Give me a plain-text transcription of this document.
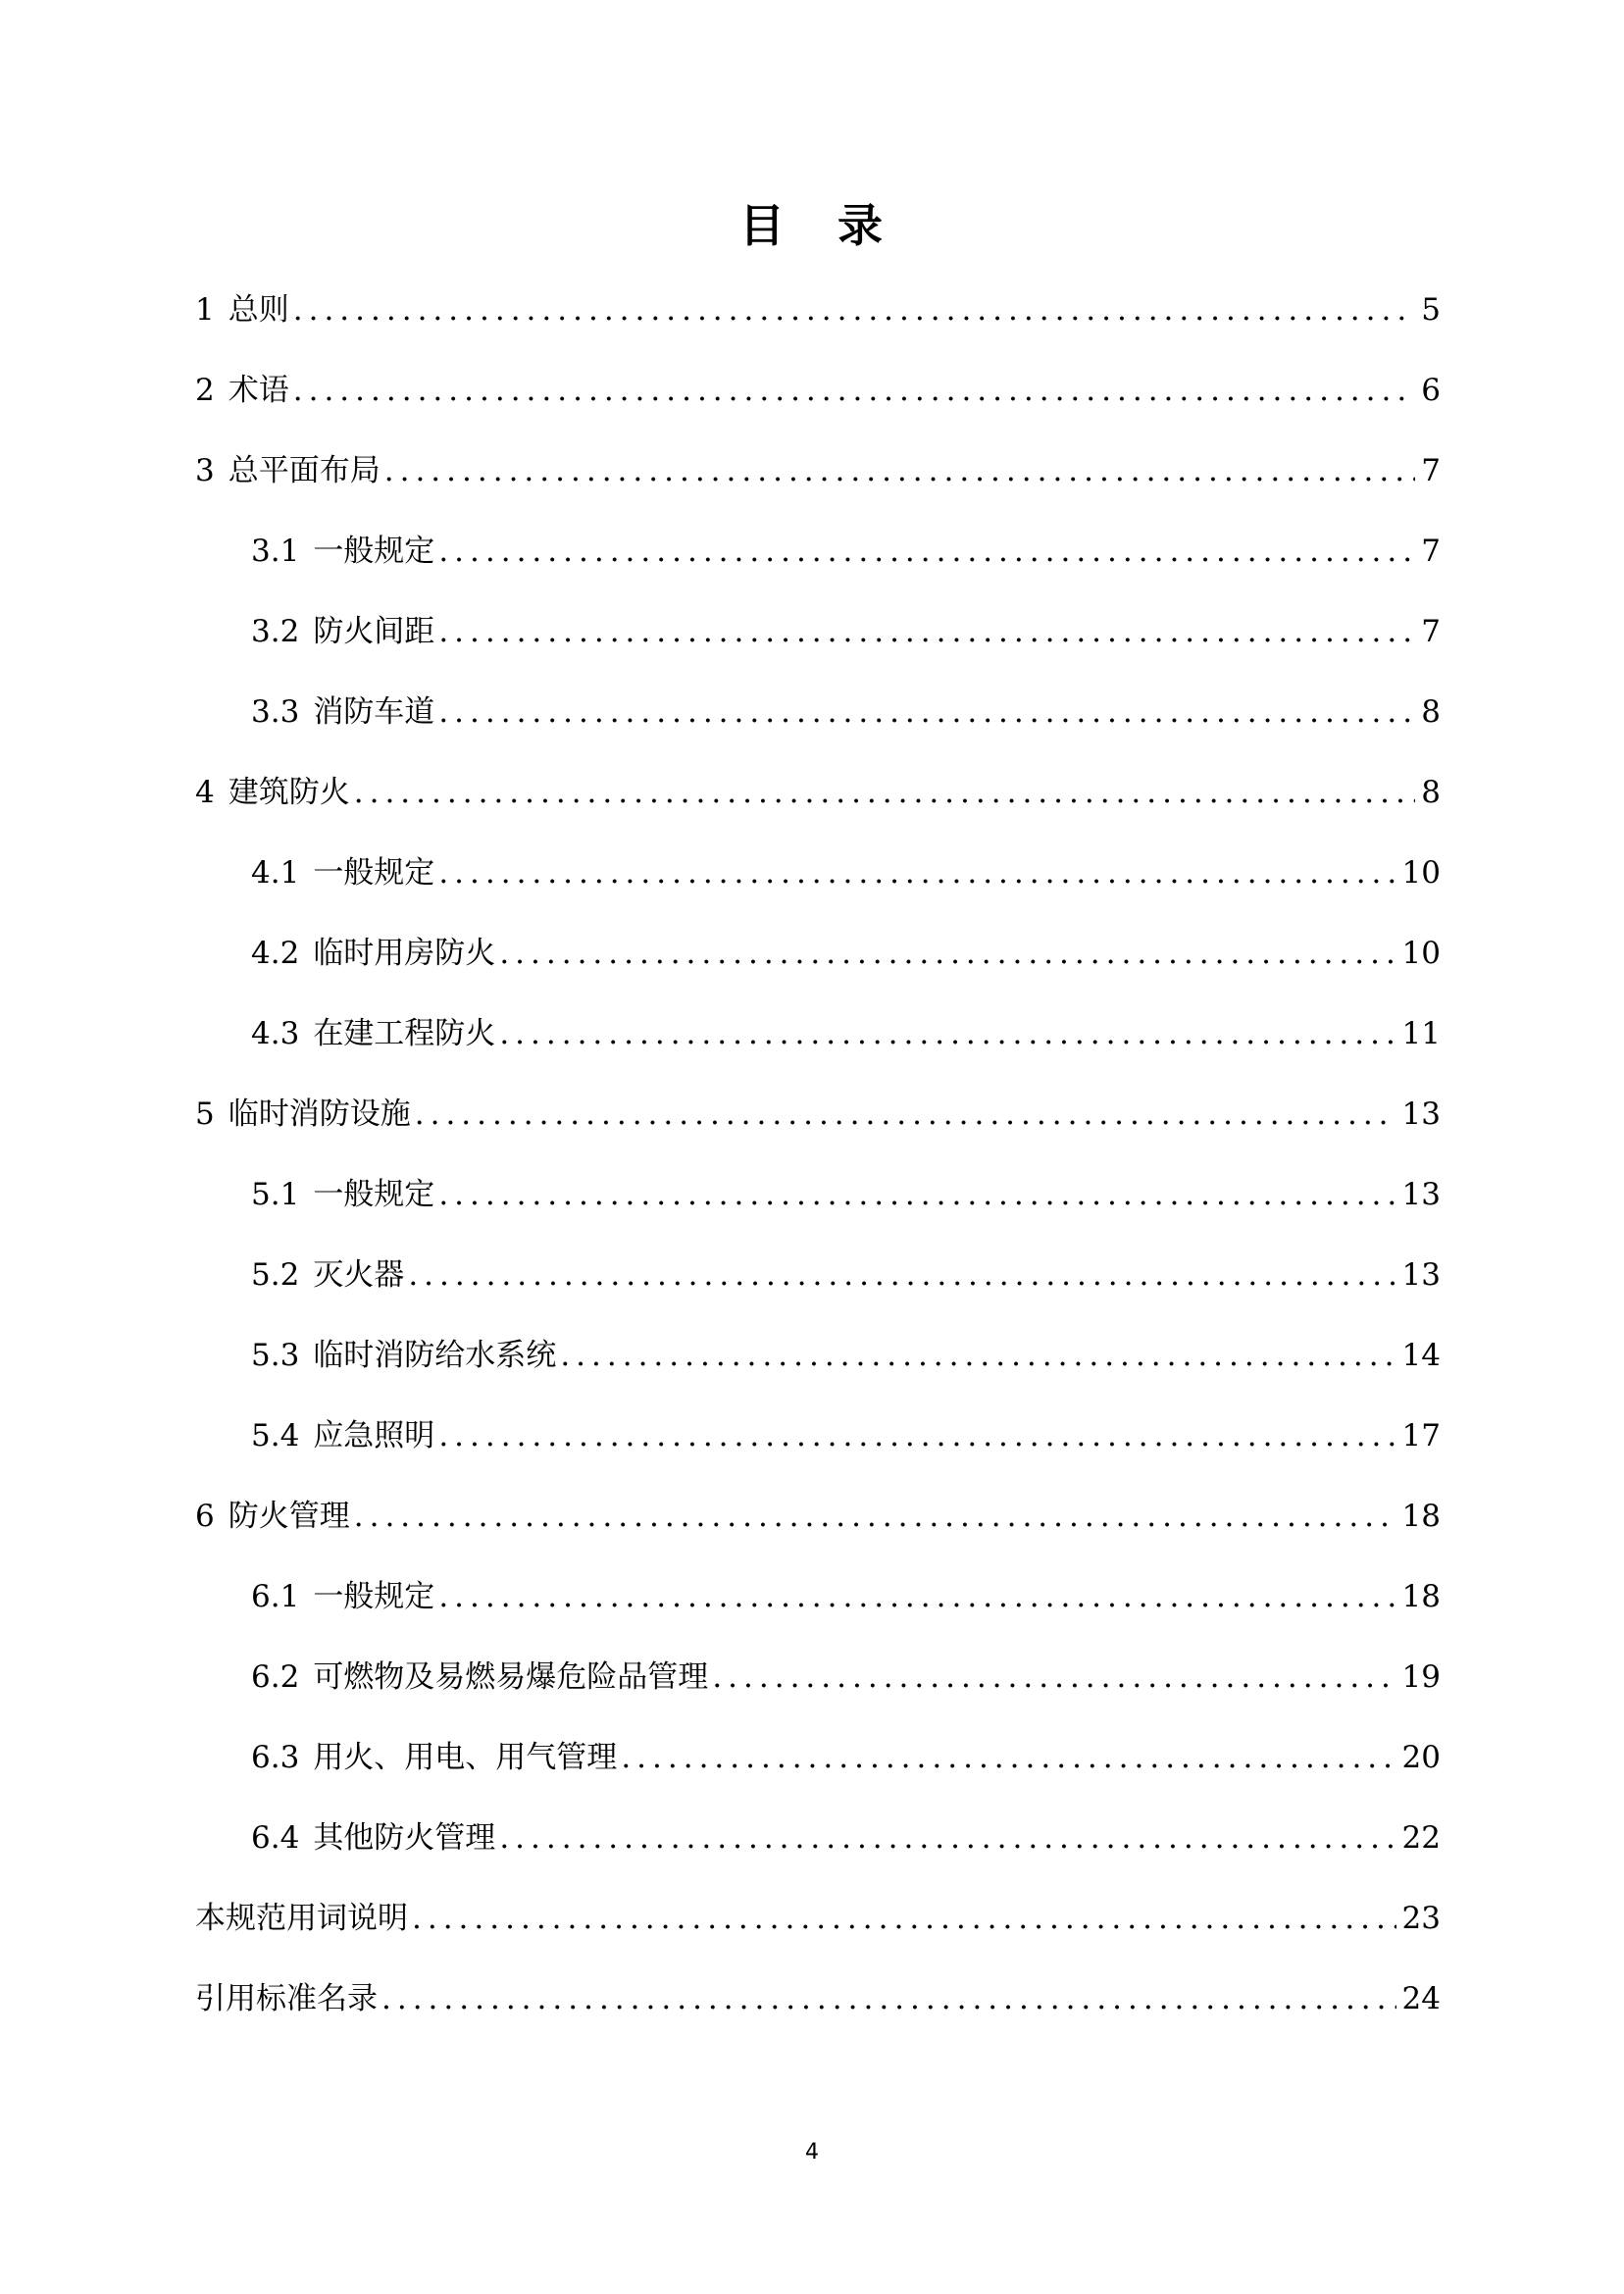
目 录
1 总则 .....	5
2 术语 .....	6
3 总平面布局 .....	7
3.1 一般规定 .....	7
3.2 防火间距 .....	7
3.3 消防车道 .....	8
4 建筑防火 .....	8
4.1 一般规定 .....	10
4.2 临时用房防火 .....	10
4.3 在建工程防火 .....	11
5 临时消防设施 .....	13
5.1 一般规定 .....	13
5.2 灭火器 .....	13
5.3 临时消防给水系统 .....	14
5.4 应急照明 .....	17
6 防火管理 .....	18
6.1 一般规定 .....	18
6.2 可燃物及易燃易爆危险品管理 .....	19
6.3 用火、用电、用气管理 .....	20
6.4 其他防火管理 .....	22
本规范用词说明 .....	23
引用标准名录 .....	24
4
